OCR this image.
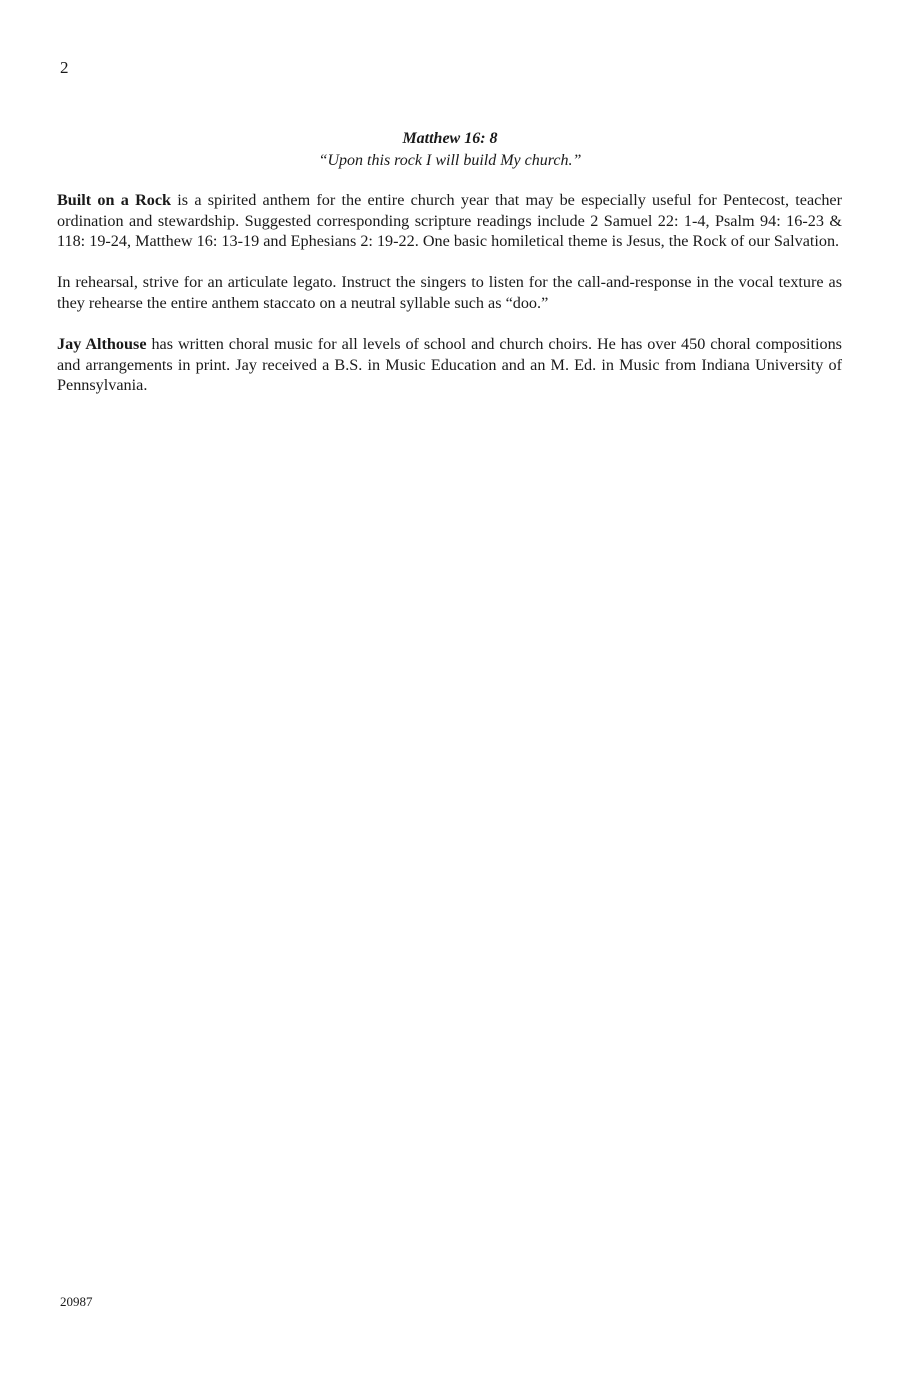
2
Matthew 16: 8
“Upon this rock I will build My church.”

Built on a Rock is a spirited anthem for the entire church year that may be especially useful for Pentecost, teacher ordination and stewardship. Suggested corresponding scripture readings include 2 Samuel 22: 1-4, Psalm 94: 16-23 & 118: 19-24, Matthew 16: 13-19 and Ephesians 2: 19-22. One basic homiletical theme is Jesus, the Rock of our Salvation.

In rehearsal, strive for an articulate legato. Instruct the singers to listen for the call-and-response in the vocal texture as they rehearse the entire anthem staccato on a neutral syllable such as “doo.”

Jay Althouse has written choral music for all levels of school and church choirs. He has over 450 choral compositions and arrangements in print. Jay received a B.S. in Music Education and an M. Ed. in Music from Indiana University of Pennsylvania.

20987
